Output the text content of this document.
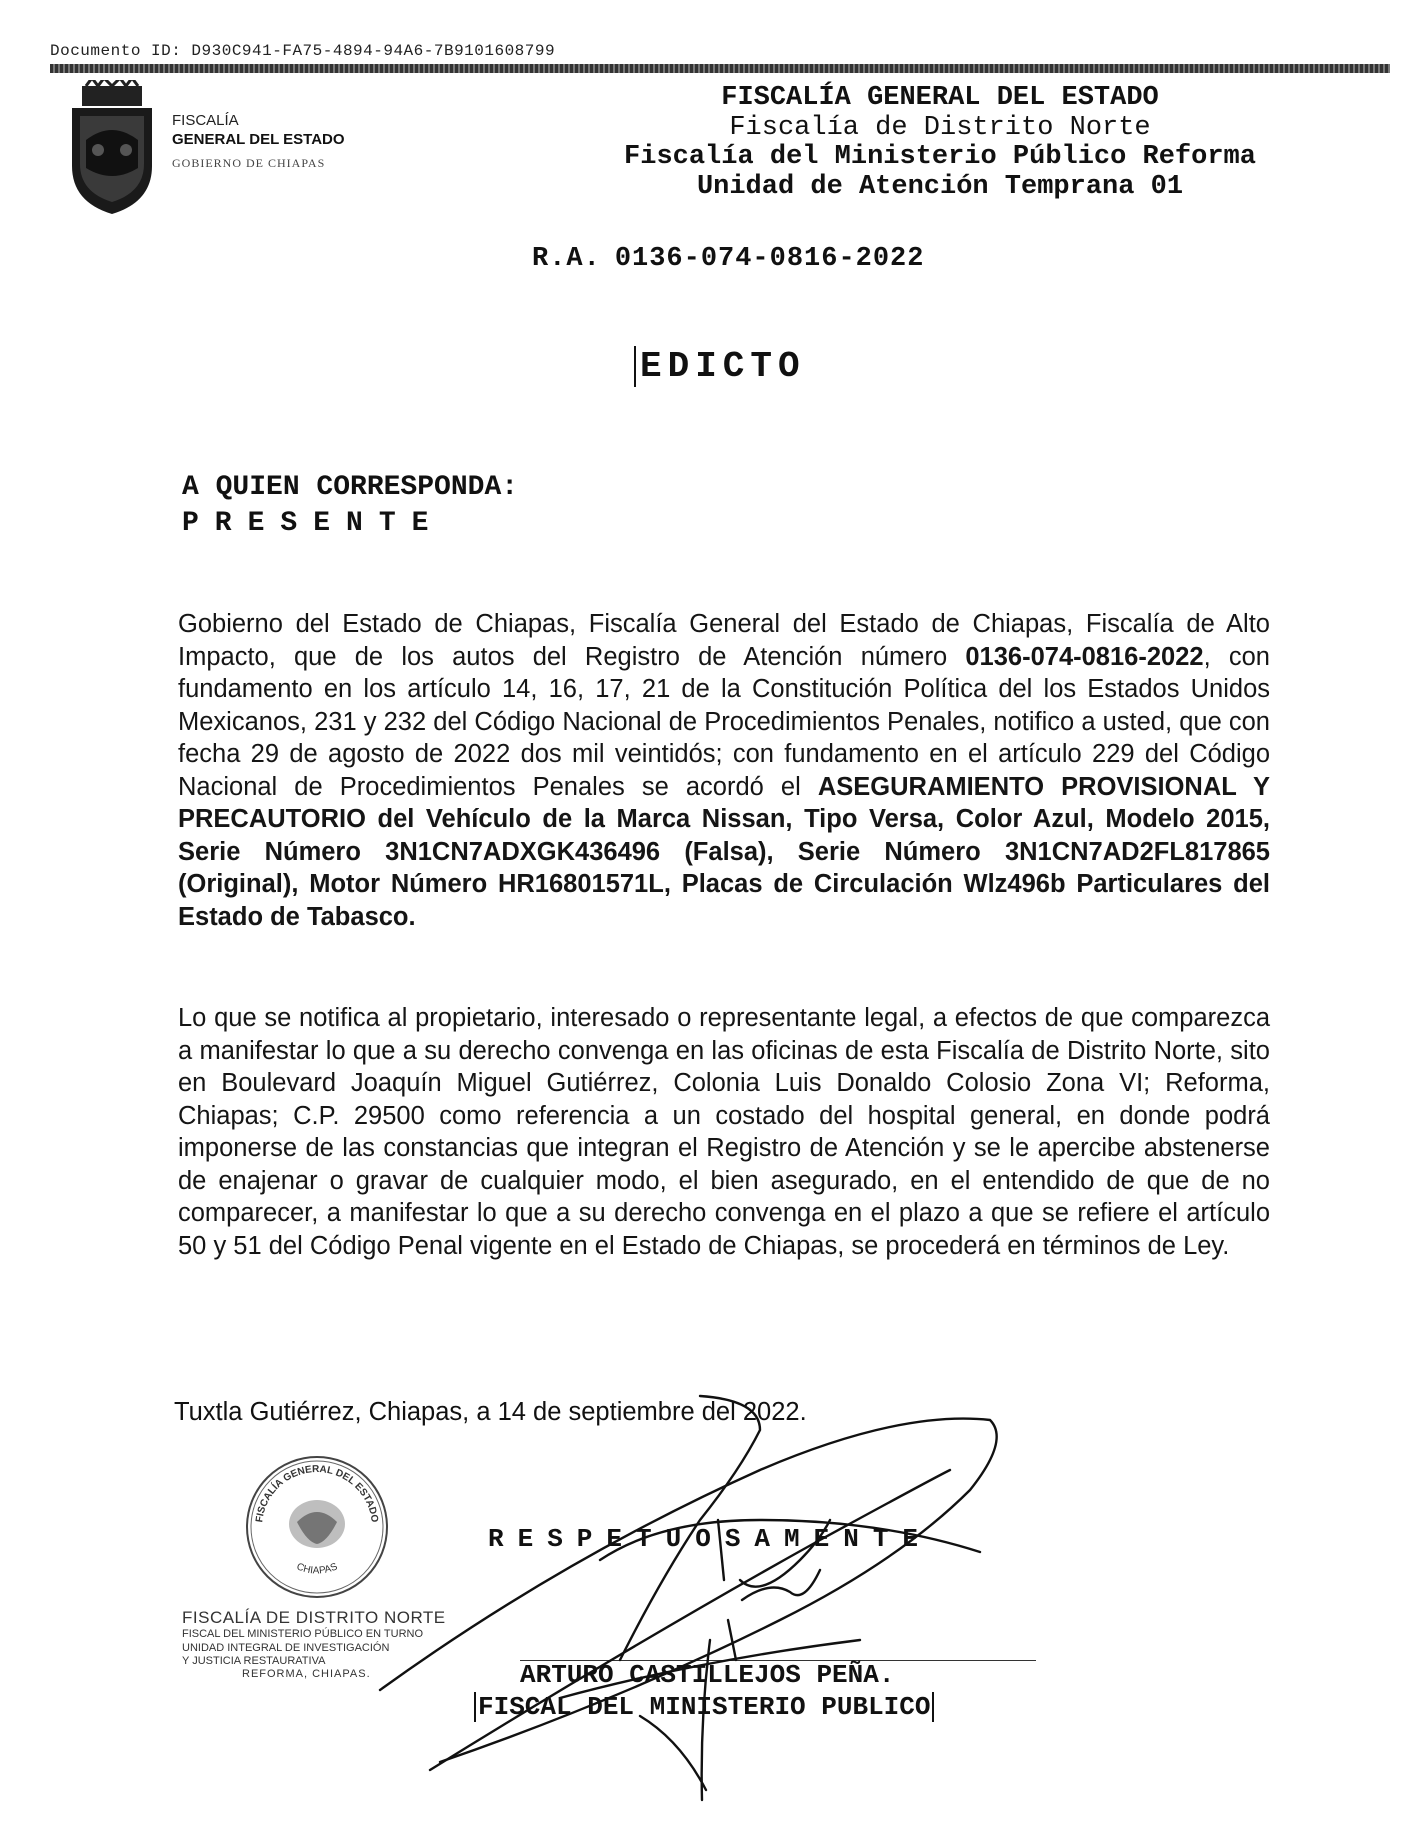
Documento ID: D930C941-FA75-4894-94A6-7B9101608799
FISCALÍA
GENERAL DEL ESTADO
GOBIERNO DE CHIAPAS
FISCALÍA GENERAL DEL ESTADO
Fiscalía de Distrito Norte
Fiscalía del Ministerio Público Reforma
Unidad de Atención Temprana 01
R.A. 0136-074-0816-2022
EDICTO
A QUIEN CORRESPONDA:
PRESENTE
Gobierno del Estado de Chiapas, Fiscalía General del Estado de Chiapas, Fiscalía de Alto Impacto, que de los autos del Registro de Atención número 0136-074-0816-2022, con fundamento en los artículo 14, 16, 17, 21 de la Constitución Política del los Estados Unidos Mexicanos, 231 y 232 del Código Nacional de Procedimientos Penales, notifico a usted, que con fecha 29 de agosto de 2022 dos mil veintidós; con fundamento en el artículo 229 del Código Nacional de Procedimientos Penales se acordó el ASEGURAMIENTO PROVISIONAL Y PRECAUTORIO del Vehículo de la Marca Nissan, Tipo Versa, Color Azul, Modelo 2015, Serie Número 3N1CN7ADXGK436496 (Falsa), Serie Número 3N1CN7AD2FL817865 (Original), Motor Número HR16801571L, Placas de Circulación Wlz496b Particulares del Estado de Tabasco.
Lo que se notifica al propietario, interesado o representante legal, a efectos de que comparezca a manifestar lo que a su derecho convenga en las oficinas de esta Fiscalía de Distrito Norte, sito en Boulevard Joaquín Miguel Gutiérrez, Colonia Luis Donaldo Colosio Zona VI; Reforma, Chiapas; C.P. 29500 como referencia a un costado del hospital general, en donde podrá imponerse de las constancias que integran el Registro de Atención y se le apercibe abstenerse de enajenar o gravar de cualquier modo, el bien asegurado, en el entendido de que de no comparecer, a manifestar lo que a su derecho convenga en el plazo a que se refiere el artículo 50 y 51 del Código Penal vigente en el Estado de Chiapas, se procederá en términos de Ley.
Tuxtla Gutiérrez, Chiapas, a 14 de septiembre del 2022.
FISCALÍA GENERAL DEL ESTADO
CHIAPAS
FISCALÍA DE DISTRITO NORTE
FISCAL DEL MINISTERIO PÚBLICO EN TURNO
UNIDAD INTEGRAL DE INVESTIGACIÓN
Y JUSTICIA RESTAURATIVA
REFORMA, CHIAPAS.
RESPETUOSAMENTE
ARTURO CASTILLEJOS PEÑA.
FISCAL DEL MINISTERIO PUBLICO
